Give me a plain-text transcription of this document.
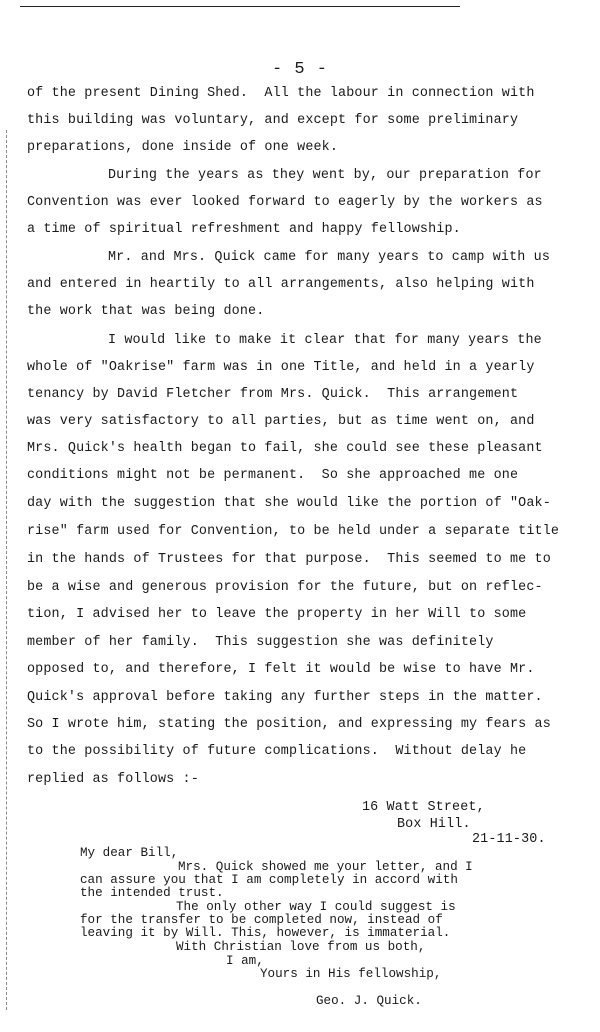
- 5 -
of the present Dining Shed.  All the labour in connection with
this building was voluntary, and except for some preliminary
preparations, done inside of one week.
During the years as they went by, our preparation for
Convention was ever looked forward to eagerly by the workers as
a time of spiritual refreshment and happy fellowship.
Mr. and Mrs. Quick came for many years to camp with us
and entered in heartily to all arrangements, also helping with
the work that was being done.
I would like to make it clear that for many years the
whole of "Oakrise" farm was in one Title, and held in a yearly
tenancy by David Fletcher from Mrs. Quick.  This arrangement
was very satisfactory to all parties, but as time went on, and
Mrs. Quick's health began to fail, she could see these pleasant
conditions might not be permanent.  So she approached me one
day with the suggestion that she would like the portion of "Oak-
rise" farm used for Convention, to be held under a separate title
in the hands of Trustees for that purpose.  This seemed to me to
be a wise and generous provision for the future, but on reflec-
tion, I advised her to leave the property in her Will to some
member of her family.  This suggestion she was definitely
opposed to, and therefore, I felt it would be wise to have Mr.
Quick's approval before taking any further steps in the matter.
So I wrote him, stating the position, and expressing my fears as
to the possibility of future complications.  Without delay he
replied as follows :-
16 Watt Street,
Box Hill.
21-11-30.
My dear Bill,
Mrs. Quick showed me your letter, and I
can assure you that I am completely in accord with
the intended trust.
The only other way I could suggest is
for the transfer to be completed now, instead of
leaving it by Will. This, however, is immaterial.
With Christian love from us both,
I am,
Yours in His fellowship,
Geo. J. Quick.
